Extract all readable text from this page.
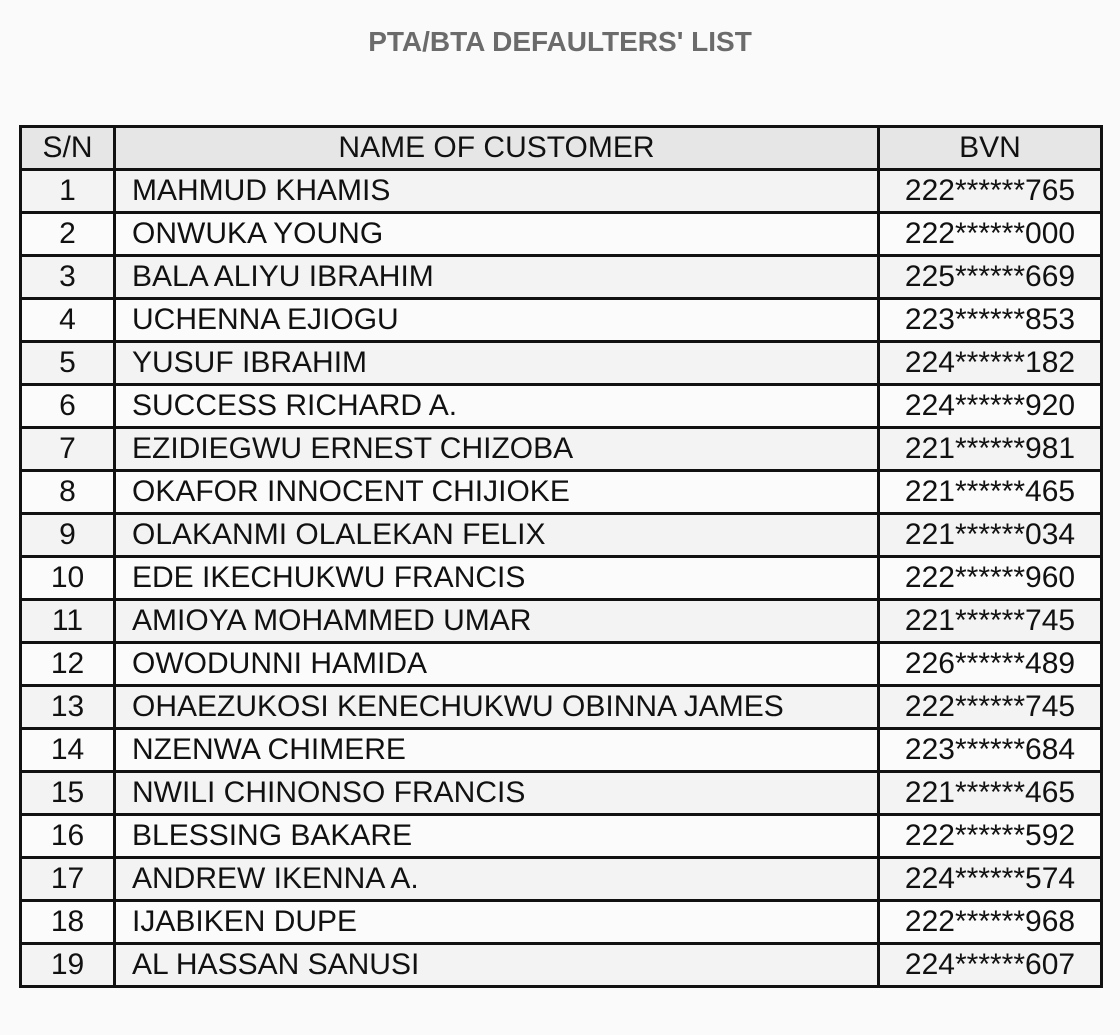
PTA/BTA DEFAULTERS' LIST
S/N	NAME OF CUSTOMER	BVN
1	MAHMUD KHAMIS	222******765
2	ONWUKA YOUNG	222******000
3	BALA ALIYU IBRAHIM	225******669
4	UCHENNA EJIOGU	223******853
5	YUSUF IBRAHIM	224******182
6	SUCCESS RICHARD A.	224******920
7	EZIDIEGWU ERNEST CHIZOBA	221******981
8	OKAFOR INNOCENT CHIJIOKE	221******465
9	OLAKANMI OLALEKAN FELIX	221******034
10	EDE IKECHUKWU FRANCIS	222******960
11	AMIOYA MOHAMMED UMAR	221******745
12	OWODUNNI HAMIDA	226******489
13	OHAEZUKOSI KENECHUKWU OBINNA JAMES	222******745
14	NZENWA CHIMERE	223******684
15	NWILI CHINONSO FRANCIS	221******465
16	BLESSING BAKARE	222******592
17	ANDREW IKENNA A.	224******574
18	IJABIKEN DUPE	222******968
19	AL HASSAN SANUSI	224******607
